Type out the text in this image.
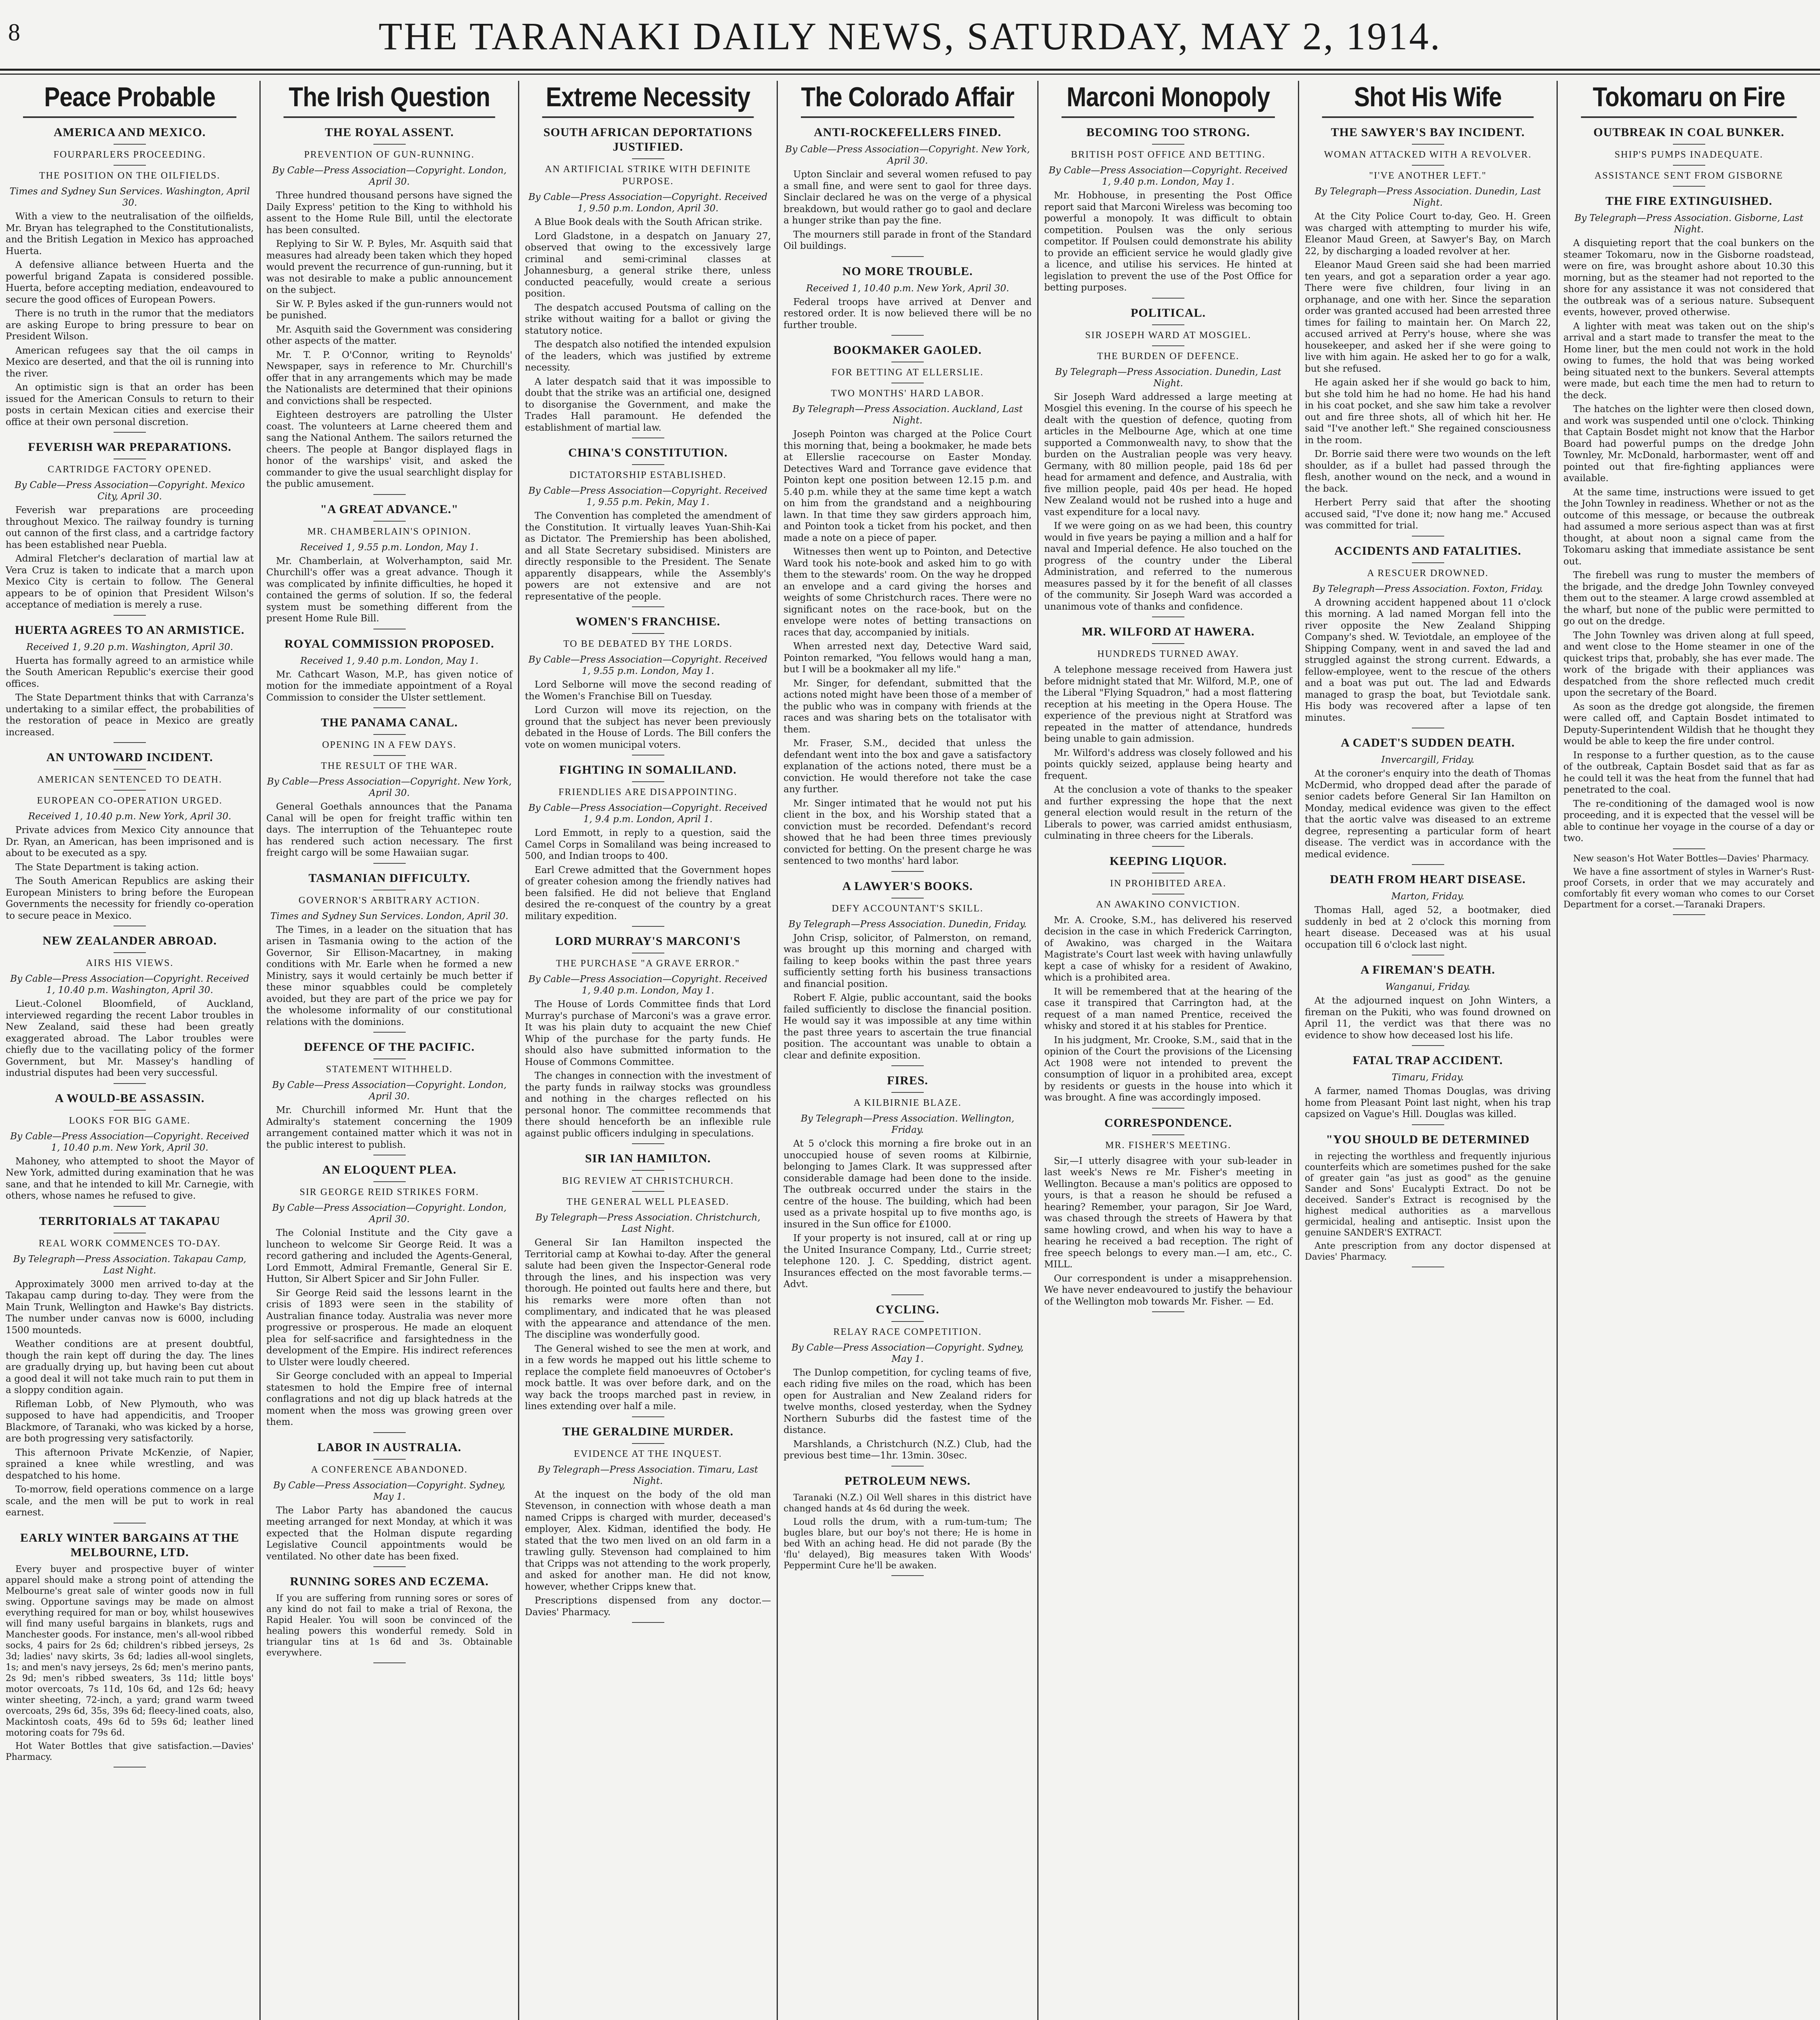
8	THE TARANAKI DAILY NEWS, SATURDAY, MAY 2, 1914.
Peace Probable
AMERICA AND MEXICO.
FOURPARLERS PROCEEDING.
THE POSITION ON THE OILFIELDS.
Times and Sydney Sun Services. Washington, April 30.

With a view to the neutralisation of the oilfields, Mr. Bryan has telegraphed to the Constitutionalists, and the British Legation in Mexico has approached Huerta.

A defensive alliance between Huerta and the powerful brigand Zapata is considered possible. Huerta, before accepting mediation, endeavoured to secure the good offices of European Powers.

There is no truth in the rumor that the mediators are asking Europe to bring pressure to bear on President Wilson.

American refugees say that the oil camps in Mexico are deserted, and that the oil is running into the river.

An optimistic sign is that an order has been issued for the American Consuls to return to their posts in certain Mexican cities and exercise their office at their own personal discretion.

FEVERISH WAR PREPARATIONS.
CARTRIDGE FACTORY OPENED.
By Cable—Press Association—Copyright. Mexico City, April 30.

Feverish war preparations are proceeding throughout Mexico. The railway foundry is turning out cannon of the first class, and a cartridge factory has been established near Puebla.

Admiral Fletcher's declaration of martial law at Vera Cruz is taken to indicate that a march upon Mexico City is certain to follow. The General appears to be of opinion that President Wilson's acceptance of mediation is merely a ruse.

HUERTA AGREES TO AN ARMISTICE.
Received 1, 9.20 p.m. Washington, April 30.

Huerta has formally agreed to an armistice while the South American Republic's exercise their good offices.

The State Department thinks that with Carranza's undertaking to a similar effect, the probabilities of the restoration of peace in Mexico are greatly increased.

AN UNTOWARD INCIDENT.
AMERICAN SENTENCED TO DEATH.
EUROPEAN CO-OPERATION URGED.
Received 1, 10.40 p.m. New York, April 30.

Private advices from Mexico City announce that Dr. Ryan, an American, has been imprisoned and is about to be executed as a spy.

The State Department is taking action.

The South American Republics are asking their European Ministers to bring before the European Governments the necessity for friendly co-operation to secure peace in Mexico.

NEW ZEALANDER ABROAD.
AIRS HIS VIEWS.
By Cable—Press Association—Copyright. Received 1, 10.40 p.m. Washington, April 30.

Lieut.-Colonel Bloomfield, of Auckland, interviewed regarding the recent Labor troubles in New Zealand, said these had been greatly exaggerated abroad. The Labor troubles were chiefly due to the vacillating policy of the former Government, but Mr. Massey's handling of industrial disputes had been very successful.

A WOULD-BE ASSASSIN.
LOOKS FOR BIG GAME.
By Cable—Press Association—Copyright. Received 1, 10.40 p.m. New York, April 30.

Mahoney, who attempted to shoot the Mayor of New York, admitted during examination that he was sane, and that he intended to kill Mr. Carnegie, with others, whose names he refused to give.

TERRITORIALS AT TAKAPAU
REAL WORK COMMENCES TO-DAY.
By Telegraph—Press Association. Takapau Camp, Last Night.

Approximately 3000 men arrived to-day at the Takapau camp during to-day. They were from the Main Trunk, Wellington and Hawke's Bay districts. The number under canvas now is 6000, including 1500 mounteds.

Weather conditions are at present doubtful, though the rain kept off during the day. The lines are gradually drying up, but having been cut about a good deal it will not take much rain to put them in a sloppy condition again.

Rifleman Lobb, of New Plymouth, who was supposed to have had appendicitis, and Trooper Blackmore, of Taranaki, who was kicked by a horse, are both progressing very satisfactorily.

This afternoon Private McKenzie, of Napier, sprained a knee while wrestling, and was despatched to his home.

To-morrow, field operations commence on a large scale, and the men will be put to work in real earnest.

EARLY WINTER BARGAINS AT THE MELBOURNE, LTD.

Every buyer and prospective buyer of winter apparel should make a strong point of attending the Melbourne's great sale of winter goods now in full swing. Opportune savings may be made on almost everything required for man or boy, whilst housewives will find many useful bargains in blankets, rugs and Manchester goods. For instance, men's all-wool ribbed socks, 4 pairs for 2s 6d; children's ribbed jerseys, 2s 3d; ladies' navy skirts, 3s 6d; ladies all-wool singlets, 1s; and men's navy jerseys, 2s 6d; men's merino pants, 2s 9d; men's ribbed sweaters, 3s 11d; little boys' motor overcoats, 7s 11d, 10s 6d, and 12s 6d; heavy winter sheeting, 72-inch, a yard; grand warm tweed overcoats, 29s 6d, 35s, 39s 6d; fleecy-lined coats, also, Mackintosh coats, 49s 6d to 59s 6d; leather lined motoring coats for 79s 6d.

Hot Water Bottles that give satisfaction.—Davies' Pharmacy.

The Irish Question
THE ROYAL ASSENT.
PREVENTION OF GUN-RUNNING.
By Cable—Press Association—Copyright. London, April 30.

Three hundred thousand persons have signed the Daily Express' petition to the King to withhold his assent to the Home Rule Bill, until the electorate has been consulted.

Replying to Sir W. P. Byles, Mr. Asquith said that measures had already been taken which they hoped would prevent the recurrence of gun-running, but it was not desirable to make a public announcement on the subject.

Sir W. P. Byles asked if the gun-runners would not be punished.

Mr. Asquith said the Government was considering other aspects of the matter.

Mr. T. P. O'Connor, writing to Reynolds' Newspaper, says in reference to Mr. Churchill's offer that in any arrangements which may be made the Nationalists are determined that their opinions and convictions shall be respected.

Eighteen destroyers are patrolling the Ulster coast. The volunteers at Larne cheered them and sang the National Anthem. The sailors returned the cheers. The people at Bangor displayed flags in honor of the warships' visit, and asked the commander to give the usual searchlight display for the public amusement.

"A GREAT ADVANCE."
MR. CHAMBERLAIN'S OPINION.
Received 1, 9.55 p.m. London, May 1.

Mr. Chamberlain, at Wolverhampton, said Mr. Churchill's offer was a great advance. Though it was complicated by infinite difficulties, he hoped it contained the germs of solution. If so, the federal system must be something different from the present Home Rule Bill.

ROYAL COMMISSION PROPOSED.
Received 1, 9.40 p.m. London, May 1.

Mr. Cathcart Wason, M.P., has given notice of motion for the immediate appointment of a Royal Commission to consider the Ulster settlement.

THE PANAMA CANAL.
OPENING IN A FEW DAYS.
THE RESULT OF THE WAR.
By Cable—Press Association—Copyright. New York, April 30.

General Goethals announces that the Panama Canal will be open for freight traffic within ten days. The interruption of the Tehuantepec route has rendered such action necessary. The first freight cargo will be some Hawaiian sugar.

TASMANIAN DIFFICULTY.
GOVERNOR'S ARBITRARY ACTION.
Times and Sydney Sun Services. London, April 30.

The Times, in a leader on the situation that has arisen in Tasmania owing to the action of the Governor, Sir Ellison-Macartney, in making conditions with Mr. Earle when he formed a new Ministry, says it would certainly be much better if these minor squabbles could be completely avoided, but they are part of the price we pay for the wholesome informality of our constitutional relations with the dominions.

DEFENCE OF THE PACIFIC.
STATEMENT WITHHELD.
By Cable—Press Association—Copyright. London, April 30.

Mr. Churchill informed Mr. Hunt that the Admiralty's statement concerning the 1909 arrangement contained matter which it was not in the public interest to publish.

AN ELOQUENT PLEA.
SIR GEORGE REID STRIKES FORM.
By Cable—Press Association—Copyright. London, April 30.

The Colonial Institute and the City gave a luncheon to welcome Sir George Reid. It was a record gathering and included the Agents-General, Lord Emmott, Admiral Fremantle, General Sir E. Hutton, Sir Albert Spicer and Sir John Fuller.

Sir George Reid said the lessons learnt in the crisis of 1893 were seen in the stability of Australian finance today. Australia was never more progressive or prosperous. He made an eloquent plea for self-sacrifice and farsightedness in the development of the Empire. His indirect references to Ulster were loudly cheered.

Sir George concluded with an appeal to Imperial statesmen to hold the Empire free of internal conflagrations and not dig up black hatreds at the moment when the moss was growing green over them.

LABOR IN AUSTRALIA.
A CONFERENCE ABANDONED.
By Cable—Press Association—Copyright. Sydney, May 1.

The Labor Party has abandoned the caucus meeting arranged for next Monday, at which it was expected that the Holman dispute regarding Legislative Council appointments would be ventilated. No other date has been fixed.

RUNNING SORES AND ECZEMA.

If you are suffering from running sores or sores of any kind do not fail to make a trial of Rexona, the Rapid Healer. You will soon be convinced of the healing powers this wonderful remedy. Sold in triangular tins at 1s 6d and 3s. Obtainable everywhere.

Extreme Necessity
SOUTH AFRICAN DEPORTATIONS JUSTIFIED.
AN ARTIFICIAL STRIKE WITH DEFINITE PURPOSE.
By Cable—Press Association—Copyright. Received 1, 9.50 p.m. London, April 30.

A Blue Book deals with the South African strike.

Lord Gladstone, in a despatch on January 27, observed that owing to the excessively large criminal and semi-criminal classes at Johannesburg, a general strike there, unless conducted peacefully, would create a serious position.

The despatch accused Poutsma of calling on the strike without waiting for a ballot or giving the statutory notice.

The despatch also notified the intended expulsion of the leaders, which was justified by extreme necessity.

A later despatch said that it was impossible to doubt that the strike was an artificial one, designed to disorganise the Government, and make the Trades Hall paramount. He defended the establishment of martial law.

CHINA'S CONSTITUTION.
DICTATORSHIP ESTABLISHED.
By Cable—Press Association—Copyright. Received 1, 9.55 p.m. Pekin, May 1.

The Convention has completed the amendment of the Constitution. It virtually leaves Yuan-Shih-Kai as Dictator. The Premiership has been abolished, and all State Secretary subsidised. Ministers are directly responsible to the President. The Senate apparently disappears, while the Assembly's powers are not extensive and are not representative of the people.

WOMEN'S FRANCHISE.
TO BE DEBATED BY THE LORDS.
By Cable—Press Association—Copyright. Received 1, 9.55 p.m. London, May 1.

Lord Selborne will move the second reading of the Women's Franchise Bill on Tuesday.

Lord Curzon will move its rejection, on the ground that the subject has never been previously debated in the House of Lords. The Bill confers the vote on women municipal voters.

FIGHTING IN SOMALILAND.
FRIENDLIES ARE DISAPPOINTING.
By Cable—Press Association—Copyright. Received 1, 9.4 p.m. London, April 1.

Lord Emmott, in reply to a question, said the Camel Corps in Somaliland was being increased to 500, and Indian troops to 400.

Earl Crewe admitted that the Government hopes of greater cohesion among the friendly natives had been falsified. He did not believe that England desired the re-conquest of the country by a great military expedition.

LORD MURRAY'S MARCONI'S
THE PURCHASE "A GRAVE ERROR."
By Cable—Press Association—Copyright. Received 1, 9.40 p.m. London, May 1.

The House of Lords Committee finds that Lord Murray's purchase of Marconi's was a grave error. It was his plain duty to acquaint the new Chief Whip of the purchase for the party funds. He should also have submitted information to the House of Commons Committee.

The changes in connection with the investment of the party funds in railway stocks was groundless and nothing in the charges reflected on his personal honor. The committee recommends that there should henceforth be an inflexible rule against public officers indulging in speculations.

SIR IAN HAMILTON.
BIG REVIEW AT CHRISTCHURCH.
THE GENERAL WELL PLEASED.
By Telegraph—Press Association. Christchurch, Last Night.

General Sir Ian Hamilton inspected the Territorial camp at Kowhai to-day. After the general salute had been given the Inspector-General rode through the lines, and his inspection was very thorough. He pointed out faults here and there, but his remarks were more often than not complimentary, and indicated that he was pleased with the appearance and attendance of the men. The discipline was wonderfully good.

The General wished to see the men at work, and in a few words he mapped out his little scheme to replace the complete field manoeuvres of October's mock battle. It was over before dark, and on the way back the troops marched past in review, in lines extending over half a mile.

THE GERALDINE MURDER.
EVIDENCE AT THE INQUEST.
By Telegraph—Press Association. Timaru, Last Night.

At the inquest on the body of the old man Stevenson, in connection with whose death a man named Cripps is charged with murder, deceased's employer, Alex. Kidman, identified the body. He stated that the two men lived on an old farm in a trawling gully. Stevenson had complained to him that Cripps was not attending to the work properly, and asked for another man. He did not know, however, whether Cripps knew that.

Prescriptions dispensed from any doctor.—Davies' Pharmacy.

The Colorado Affair
ANTI-ROCKEFELLERS FINED.
By Cable—Press Association—Copyright. New York, April 30.

Upton Sinclair and several women refused to pay a small fine, and were sent to gaol for three days. Sinclair declared he was on the verge of a physical breakdown, but would rather go to gaol and declare a hunger strike than pay the fine.

The mourners still parade in front of the Standard Oil buildings.

NO MORE TROUBLE.
Received 1, 10.40 p.m. New York, April 30.

Federal troops have arrived at Denver and restored order. It is now believed there will be no further trouble.

BOOKMAKER GAOLED.
FOR BETTING AT ELLERSLIE.
TWO MONTHS' HARD LABOR.
By Telegraph—Press Association. Auckland, Last Night.

Joseph Pointon was charged at the Police Court this morning that, being a bookmaker, he made bets at Ellerslie racecourse on Easter Monday. Detectives Ward and Torrance gave evidence that Pointon kept one position between 12.15 p.m. and 5.40 p.m. while they at the same time kept a watch on him from the grandstand and a neighbouring lawn. In that time they saw girders approach him, and Pointon took a ticket from his pocket, and then made a note on a piece of paper.

Witnesses then went up to Pointon, and Detective Ward took his note-book and asked him to go with them to the stewards' room. On the way he dropped an envelope and a card giving the horses and weights of some Christchurch races. There were no significant notes on the race-book, but on the envelope were notes of betting transactions on races that day, accompanied by initials.

When arrested next day, Detective Ward said, Pointon remarked, "You fellows would hang a man, but I will be a bookmaker all my life."

Mr. Singer, for defendant, submitted that the actions noted might have been those of a member of the public who was in company with friends at the races and was sharing bets on the totalisator with them.

Mr. Fraser, S.M., decided that unless the defendant went into the box and gave a satisfactory explanation of the actions noted, there must be a conviction. He would therefore not take the case any further.

Mr. Singer intimated that he would not put his client in the box, and his Worship stated that a conviction must be recorded. Defendant's record showed that he had been three times previously convicted for betting. On the present charge he was sentenced to two months' hard labor.

A LAWYER'S BOOKS.
DEFY ACCOUNTANT'S SKILL.
By Telegraph—Press Association. Dunedin, Friday.

John Crisp, solicitor, of Palmerston, on remand, was brought up this morning and charged with failing to keep books within the past three years sufficiently setting forth his business transactions and financial position.

Robert F. Algie, public accountant, said the books failed sufficiently to disclose the financial position. He would say it was impossible at any time within the past three years to ascertain the true financial position. The accountant was unable to obtain a clear and definite exposition.

FIRES.
A KILBIRNIE BLAZE.
By Telegraph—Press Association. Wellington, Friday.

At 5 o'clock this morning a fire broke out in an unoccupied house of seven rooms at Kilbirnie, belonging to James Clark. It was suppressed after considerable damage had been done to the inside. The outbreak occurred under the stairs in the centre of the house. The building, which had been used as a private hospital up to five months ago, is insured in the Sun office for £1000.

If your property is not insured, call at or ring up the United Insurance Company, Ltd., Currie street; telephone 120. J. C. Spedding, district agent. Insurances effected on the most favorable terms.—Advt.

CYCLING.
RELAY RACE COMPETITION.
By Cable—Press Association—Copyright. Sydney, May 1.

The Dunlop competition, for cycling teams of five, each riding five miles on the road, which has been open for Australian and New Zealand riders for twelve months, closed yesterday, when the Sydney Northern Suburbs did the fastest time of the distance.

Marshlands, a Christchurch (N.Z.) Club, had the previous best time—1hr. 13min. 30sec.

PETROLEUM NEWS.

Taranaki (N.Z.) Oil Well shares in this district have changed hands at 4s 6d during the week.

Loud rolls the drum, with a rum-tum-tum; The bugles blare, but our boy's not there; He is home in bed With an aching head. He did not parade (By the 'flu' delayed), Big measures taken With Woods' Peppermint Cure he'll be awaken.

Marconi Monopoly
BECOMING TOO STRONG.
BRITISH POST OFFICE AND BETTING.
By Cable—Press Association—Copyright. Received 1, 9.40 p.m. London, May 1.

Mr. Hobhouse, in presenting the Post Office report said that Marconi Wireless was becoming too powerful a monopoly. It was difficult to obtain competition. Poulsen was the only serious competitor. If Poulsen could demonstrate his ability to provide an efficient service he would gladly give a licence, and utilise his services. He hinted at legislation to prevent the use of the Post Office for betting purposes.

POLITICAL.
SIR JOSEPH WARD AT MOSGIEL.
THE BURDEN OF DEFENCE.
By Telegraph—Press Association. Dunedin, Last Night.

Sir Joseph Ward addressed a large meeting at Mosgiel this evening. In the course of his speech he dealt with the question of defence, quoting from articles in the Melbourne Age, which at one time supported a Commonwealth navy, to show that the burden on the Australian people was very heavy. Germany, with 80 million people, paid 18s 6d per head for armament and defence, and Australia, with five million people, paid 40s per head. He hoped New Zealand would not be rushed into a huge and vast expenditure for a local navy.

If we were going on as we had been, this country would in five years be paying a million and a half for naval and Imperial defence. He also touched on the progress of the country under the Liberal Administration, and referred to the numerous measures passed by it for the benefit of all classes of the community. Sir Joseph Ward was accorded a unanimous vote of thanks and confidence.

MR. WILFORD AT HAWERA.
HUNDREDS TURNED AWAY.

A telephone message received from Hawera just before midnight stated that Mr. Wilford, M.P., one of the Liberal "Flying Squadron," had a most flattering reception at his meeting in the Opera House. The experience of the previous night at Stratford was repeated in the matter of attendance, hundreds being unable to gain admission.

Mr. Wilford's address was closely followed and his points quickly seized, applause being hearty and frequent.

At the conclusion a vote of thanks to the speaker and further expressing the hope that the next general election would result in the return of the Liberals to power, was carried amidst enthusiasm, culminating in three cheers for the Liberals.

KEEPING LIQUOR.
IN PROHIBITED AREA.
AN AWAKINO CONVICTION.

Mr. A. Crooke, S.M., has delivered his reserved decision in the case in which Frederick Carrington, of Awakino, was charged in the Waitara Magistrate's Court last week with having unlawfully kept a case of whisky for a resident of Awakino, which is a prohibited area.

It will be remembered that at the hearing of the case it transpired that Carrington had, at the request of a man named Prentice, received the whisky and stored it at his stables for Prentice.

In his judgment, Mr. Crooke, S.M., said that in the opinion of the Court the provisions of the Licensing Act 1908 were not intended to prevent the consumption of liquor in a prohibited area, except by residents or guests in the house into which it was brought. A fine was accordingly imposed.

CORRESPONDENCE.
MR. FISHER'S MEETING.

Sir,—I utterly disagree with your sub-leader in last week's News re Mr. Fisher's meeting in Wellington. Because a man's politics are opposed to yours, is that a reason he should be refused a hearing? Remember, your paragon, Sir Joe Ward, was chased through the streets of Hawera by that same howling crowd, and when his way to have a hearing he received a bad reception. The right of free speech belongs to every man.—I am, etc., C. MILL.

Our correspondent is under a misapprehension. We have never endeavoured to justify the behaviour of the Wellington mob towards Mr. Fisher. — Ed.

Shot His Wife
THE SAWYER'S BAY INCIDENT.
WOMAN ATTACKED WITH A REVOLVER.
"I'VE ANOTHER LEFT."
By Telegraph—Press Association. Dunedin, Last Night.

At the City Police Court to-day, Geo. H. Green was charged with attempting to murder his wife, Eleanor Maud Green, at Sawyer's Bay, on March 22, by discharging a loaded revolver at her.

Eleanor Maud Green said she had been married ten years, and got a separation order a year ago. There were five children, four living in an orphanage, and one with her. Since the separation order was granted accused had been arrested three times for failing to maintain her. On March 22, accused arrived at Perry's house, where she was housekeeper, and asked her if she were going to live with him again. He asked her to go for a walk, but she refused.

He again asked her if she would go back to him, but she told him he had no home. He had his hand in his coat pocket, and she saw him take a revolver out and fire three shots, all of which hit her. He said "I've another left." She regained consciousness in the room.

Dr. Borrie said there were two wounds on the left shoulder, as if a bullet had passed through the flesh, another wound on the neck, and a wound in the back.

Herbert Perry said that after the shooting accused said, "I've done it; now hang me." Accused was committed for trial.

ACCIDENTS AND FATALITIES.
A RESCUER DROWNED.
By Telegraph—Press Association. Foxton, Friday.

A drowning accident happened about 11 o'clock this morning. A lad named Morgan fell into the river opposite the New Zealand Shipping Company's shed. W. Teviotdale, an employee of the Shipping Company, went in and saved the lad and struggled against the strong current. Edwards, a fellow-employee, went to the rescue of the others and a boat was put out. The lad and Edwards managed to grasp the boat, but Teviotdale sank. His body was recovered after a lapse of ten minutes.

A CADET'S SUDDEN DEATH.
Invercargill, Friday.

At the coroner's enquiry into the death of Thomas McDermid, who dropped dead after the parade of senior cadets before General Sir Ian Hamilton on Monday, medical evidence was given to the effect that the aortic valve was diseased to an extreme degree, representing a particular form of heart disease. The verdict was in accordance with the medical evidence.

DEATH FROM HEART DISEASE.
Marton, Friday.

Thomas Hall, aged 52, a bootmaker, died suddenly in bed at 2 o'clock this morning from heart disease. Deceased was at his usual occupation till 6 o'clock last night.

A FIREMAN'S DEATH.
Wanganui, Friday.

At the adjourned inquest on John Winters, a fireman on the Pukiti, who was found drowned on April 11, the verdict was that there was no evidence to show how deceased lost his life.

FATAL TRAP ACCIDENT.
Timaru, Friday.

A farmer, named Thomas Douglas, was driving home from Pleasant Point last night, when his trap capsized on Vague's Hill. Douglas was killed.

"YOU SHOULD BE DETERMINED

in rejecting the worthless and frequently injurious counterfeits which are sometimes pushed for the sake of greater gain "as just as good" as the genuine Sander and Sons' Eucalypti Extract. Do not be deceived. Sander's Extract is recognised by the highest medical authorities as a marvellous germicidal, healing and antiseptic. Insist upon the genuine SANDER'S EXTRACT.

Ante prescription from any doctor dispensed at Davies' Pharmacy.

Tokomaru on Fire
OUTBREAK IN COAL BUNKER.
SHIP'S PUMPS INADEQUATE.
ASSISTANCE SENT FROM GISBORNE
THE FIRE EXTINGUISHED.
By Telegraph—Press Association. Gisborne, Last Night.

A disquieting report that the coal bunkers on the steamer Tokomaru, now in the Gisborne roadstead, were on fire, was brought ashore about 10.30 this morning, but as the steamer had not reported to the shore for any assistance it was not considered that the outbreak was of a serious nature. Subsequent events, however, proved otherwise.

A lighter with meat was taken out on the ship's arrival and a start made to transfer the meat to the Home liner, but the men could not work in the hold owing to fumes, the hold that was being worked being situated next to the bunkers. Several attempts were made, but each time the men had to return to the deck.

The hatches on the lighter were then closed down, and work was suspended until one o'clock. Thinking that Captain Bosdet might not know that the Harbor Board had powerful pumps on the dredge John Townley, Mr. McDonald, harbormaster, went off and pointed out that fire-fighting appliances were available.

At the same time, instructions were issued to get the John Townley in readiness. Whether or not as the outcome of this message, or because the outbreak had assumed a more serious aspect than was at first thought, at about noon a signal came from the Tokomaru asking that immediate assistance be sent out.

The firebell was rung to muster the members of the brigade, and the dredge John Townley conveyed them out to the steamer. A large crowd assembled at the wharf, but none of the public were permitted to go out on the dredge.

The John Townley was driven along at full speed, and went close to the Home steamer in one of the quickest trips that, probably, she has ever made. The work of the brigade with their appliances was despatched from the shore reflected much credit upon the secretary of the Board.

As soon as the dredge got alongside, the firemen were called off, and Captain Bosdet intimated to Deputy-Superintendent Wildish that he thought they would be able to keep the fire under control.

In response to a further question, as to the cause of the outbreak, Captain Bosdet said that as far as he could tell it was the heat from the funnel that had penetrated to the coal.

The re-conditioning of the damaged wool is now proceeding, and it is expected that the vessel will be able to continue her voyage in the course of a day or two.

New season's Hot Water Bottles—Davies' Pharmacy.

We have a fine assortment of styles in Warner's Rust-proof Corsets, in order that we may accurately and comfortably fit every woman who comes to our Corset Department for a corset.—Taranaki Drapers.
